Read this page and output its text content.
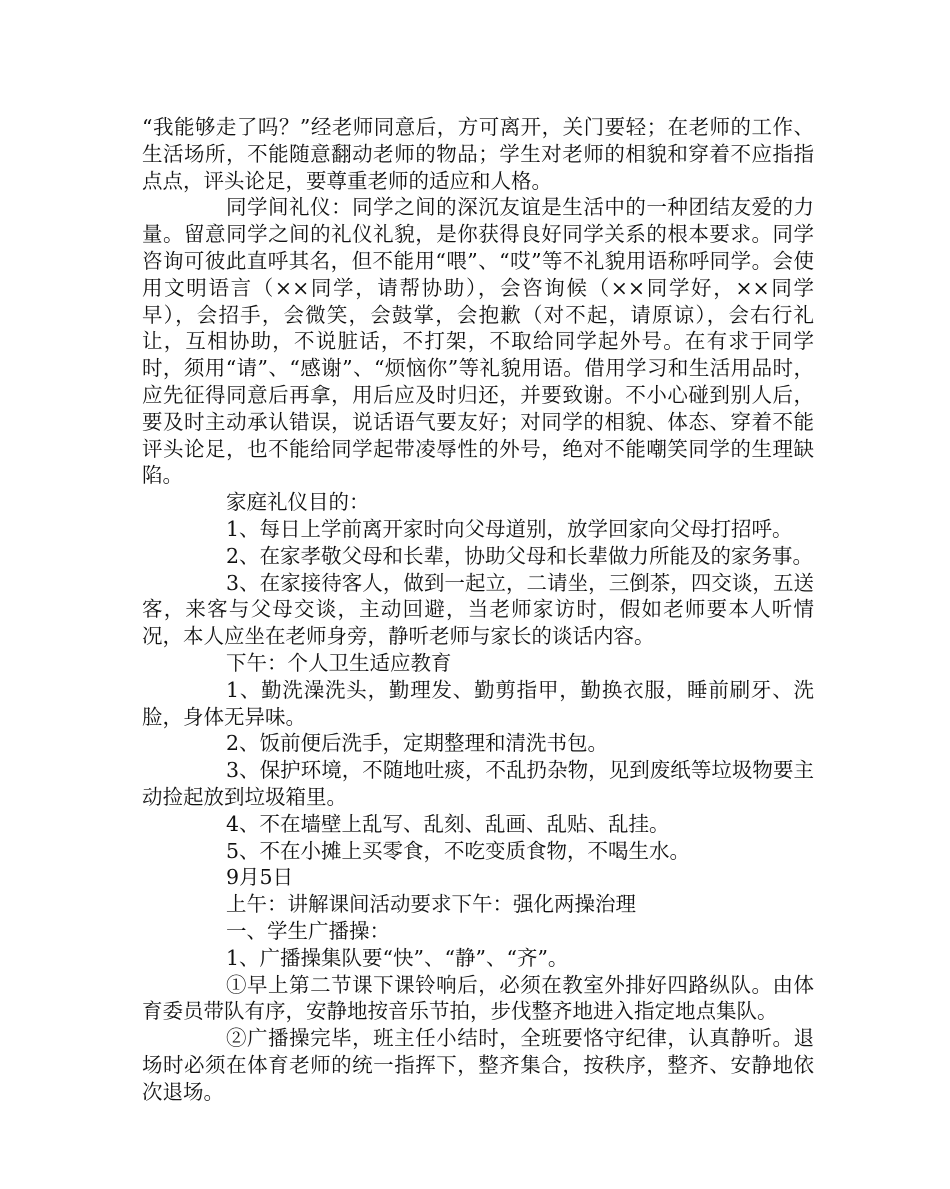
“我能够走了吗？”经老师同意后，方可离开，关门要轻；在老师的工作、生活场所，不能随意翻动老师的物品；学生对老师的相貌和穿着不应指指点点，评头论足，要尊重老师的适应和人格。

同学间礼仪：同学之间的深沉友谊是生活中的一种团结友爱的力量。留意同学之间的礼仪礼貌，是你获得良好同学关系的根本要求。同学咨询可彼此直呼其名，但不能用“喂”、“哎”等不礼貌用语称呼同学。会使用文明语言（××同学，请帮协助），会咨询候（××同学好，××同学早），会招手，会微笑，会鼓掌，会抱歉（对不起，请原谅），会右行礼让，互相协助，不说脏话，不打架，不取给同学起外号。在有求于同学时，须用“请”、“感谢”、“烦恼你”等礼貌用语。借用学习和生活用品时，应先征得同意后再拿，用后应及时归还，并要致谢。不小心碰到别人后，要及时主动承认错误，说话语气要友好；对同学的相貌、体态、穿着不能评头论足，也不能给同学起带凌辱性的外号，绝对不能嘲笑同学的生理缺陷。

家庭礼仪目的：

1、每日上学前离开家时向父母道别，放学回家向父母打招呼。

2、在家孝敬父母和长辈，协助父母和长辈做力所能及的家务事。

3、在家接待客人，做到一起立，二请坐，三倒茶，四交谈，五送客，来客与父母交谈，主动回避，当老师家访时，假如老师要本人听情况，本人应坐在老师身旁，静听老师与家长的谈话内容。

下午：个人卫生适应教育

1、勤洗澡洗头，勤理发、勤剪指甲，勤换衣服，睡前刷牙、洗脸，身体无异味。

2、饭前便后洗手，定期整理和清洗书包。

3、保护环境，不随地吐痰，不乱扔杂物，见到废纸等垃圾物要主动捡起放到垃圾箱里。

4、不在墙壁上乱写、乱刻、乱画、乱贴、乱挂。

5、不在小摊上买零食，不吃变质食物，不喝生水。

9月5日

上午：讲解课间活动要求下午：强化两操治理

一、学生广播操：

1、广播操集队要“快”、“静”、“齐”。

①早上第二节课下课铃响后，必须在教室外排好四路纵队。由体育委员带队有序，安静地按音乐节拍，步伐整齐地进入指定地点集队。

②广播操完毕，班主任小结时，全班要恪守纪律，认真静听。退场时必须在体育老师的统一指挥下，整齐集合，按秩序，整齐、安静地依次退场。
